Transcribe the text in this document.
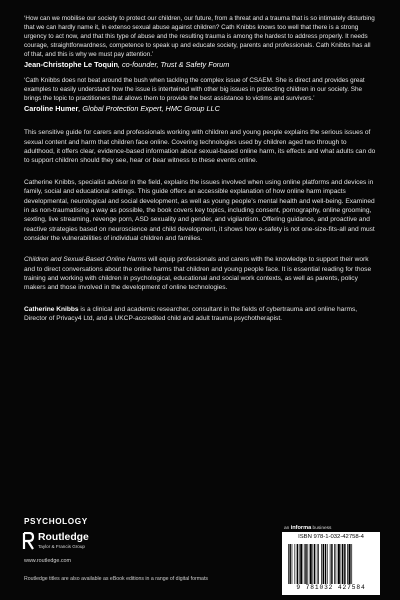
‘How can we mobilise our society to protect our children, our future, from a threat and a trauma that is so intimately disturbing that we can hardly name it, in extenso sexual abuse against children? Cath Knibbs knows too well that there is a strong urgency to act now, and that this type of abuse and the resulting trauma is among the hardest to address properly. It needs courage, straightforwardness, competence to speak up and educate society, parents and professionals. Cath Knibbs has all of that, and this is why we must pay attention.’

Jean-Christophe Le Toquin, co-founder, Trust & Safety Forum

‘Cath Knibbs does not beat around the bush when tackling the complex issue of CSAEM. She is direct and provides great examples to easily understand how the issue is intertwined with other big issues in protecting children in our society. She brings the topic to practitioners that allows them to provide the best assistance to victims and survivors.’

Caroline Humer, Global Protection Expert, HMC Group LLC

This sensitive guide for carers and professionals working with children and young people explains the serious issues of sexual content and harm that children face online. Covering technologies used by children aged two through to adulthood, it offers clear, evidence-based information about sexual-based online harm, its effects and what adults can do to support children should they see, hear or bear witness to these events online.

Catherine Knibbs, specialist advisor in the field, explains the issues involved when using online platforms and devices in family, social and educational settings. This guide offers an accessible explanation of how online harm impacts developmental, neurological and social development, as well as young people’s mental health and well-being. Examined in as non-traumatising a way as possible, the book covers key topics, including consent, pornography, online grooming, sexting, live streaming, revenge porn, ASD sexuality and gender, and vigilantism. Offering guidance, and proactive and reactive strategies based on neuroscience and child development, it shows how e-safety is not one-size-fits-all and must consider the vulnerabilities of individual children and families.

Children and Sexual-Based Online Harms will equip professionals and carers with the knowledge to support their work and to direct conversations about the online harms that children and young people face. It is essential reading for those training and working with children in psychological, educational and social work contexts, as well as parents, policy makers and those involved in the development of online technologies.

Catherine Knibbs is a clinical and academic researcher, consultant in the fields of cybertrauma and online harms, Director of Privacy4 Ltd, and a UKCP-accredited child and adult trauma psychotherapist.

PSYCHOLOGY
Routledge
Taylor & Francis Group
www.routledge.com
an informa business
ISBN 978-1-032-42758-4
9 781032 427584
Routledge titles are also available as eBook editions in a range of digital formats
